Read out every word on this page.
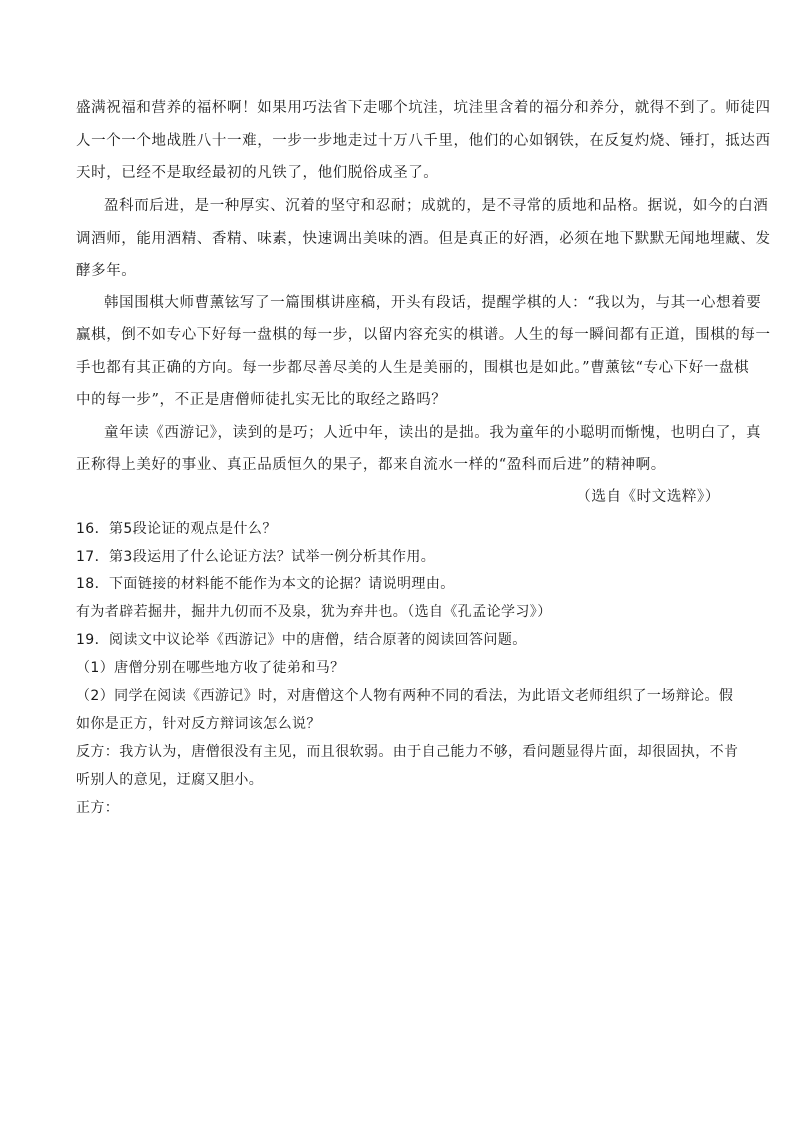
盛满祝福和营养的福杯啊！如果用巧法省下走哪个坑洼，坑洼里含着的福分和养分，就得不到了。师徒四
人一个一个地战胜八十一难，一步一步地走过十万八千里，他们的心如钢铁，在反复灼烧、锤打，抵达西
天时，已经不是取经最初的凡铁了，他们脱俗成圣了。
盈科而后进，是一种厚实、沉着的坚守和忍耐；成就的，是不寻常的质地和品格。据说，如今的白酒
调酒师，能用酒精、香精、味素，快速调出美味的酒。但是真正的好酒，必须在地下默默无闻地埋藏、发
酵多年。
韩国围棋大师曹薰铉写了一篇围棋讲座稿，开头有段话，提醒学棋的人：“我以为，与其一心想着要
赢棋，倒不如专心下好每一盘棋的每一步，以留内容充实的棋谱。人生的每一瞬间都有正道，围棋的每一
手也都有其正确的方向。每一步都尽善尽美的人生是美丽的，围棋也是如此。”曹薰铉“专心下好一盘棋
中的每一步”，不正是唐僧师徒扎实无比的取经之路吗？
童年读《西游记》，读到的是巧；人近中年，读出的是拙。我为童年的小聪明而惭愧，也明白了，真
正称得上美好的事业、真正品质恒久的果子，都来自流水一样的“盈科而后进”的精神啊。
（选自《时文选粹》）
16．第5段论证的观点是什么？
17．第3段运用了什么论证方法？试举一例分析其作用。
18．下面链接的材料能不能作为本文的论据？请说明理由。
有为者辟若掘井，掘井九仞而不及泉，犹为弃井也。（选自《孔孟论学习》）
19．阅读文中议论举《西游记》中的唐僧，结合原著的阅读回答问题。
（1）唐僧分别在哪些地方收了徒弟和马？
（2）同学在阅读《西游记》时，对唐僧这个人物有两种不同的看法，为此语文老师组织了一场辩论。假
如你是正方，针对反方辩词该怎么说？
反方：我方认为，唐僧很没有主见，而且很软弱。由于自己能力不够，看问题显得片面，却很固执，不肯
听别人的意见，迂腐又胆小。
正方：
